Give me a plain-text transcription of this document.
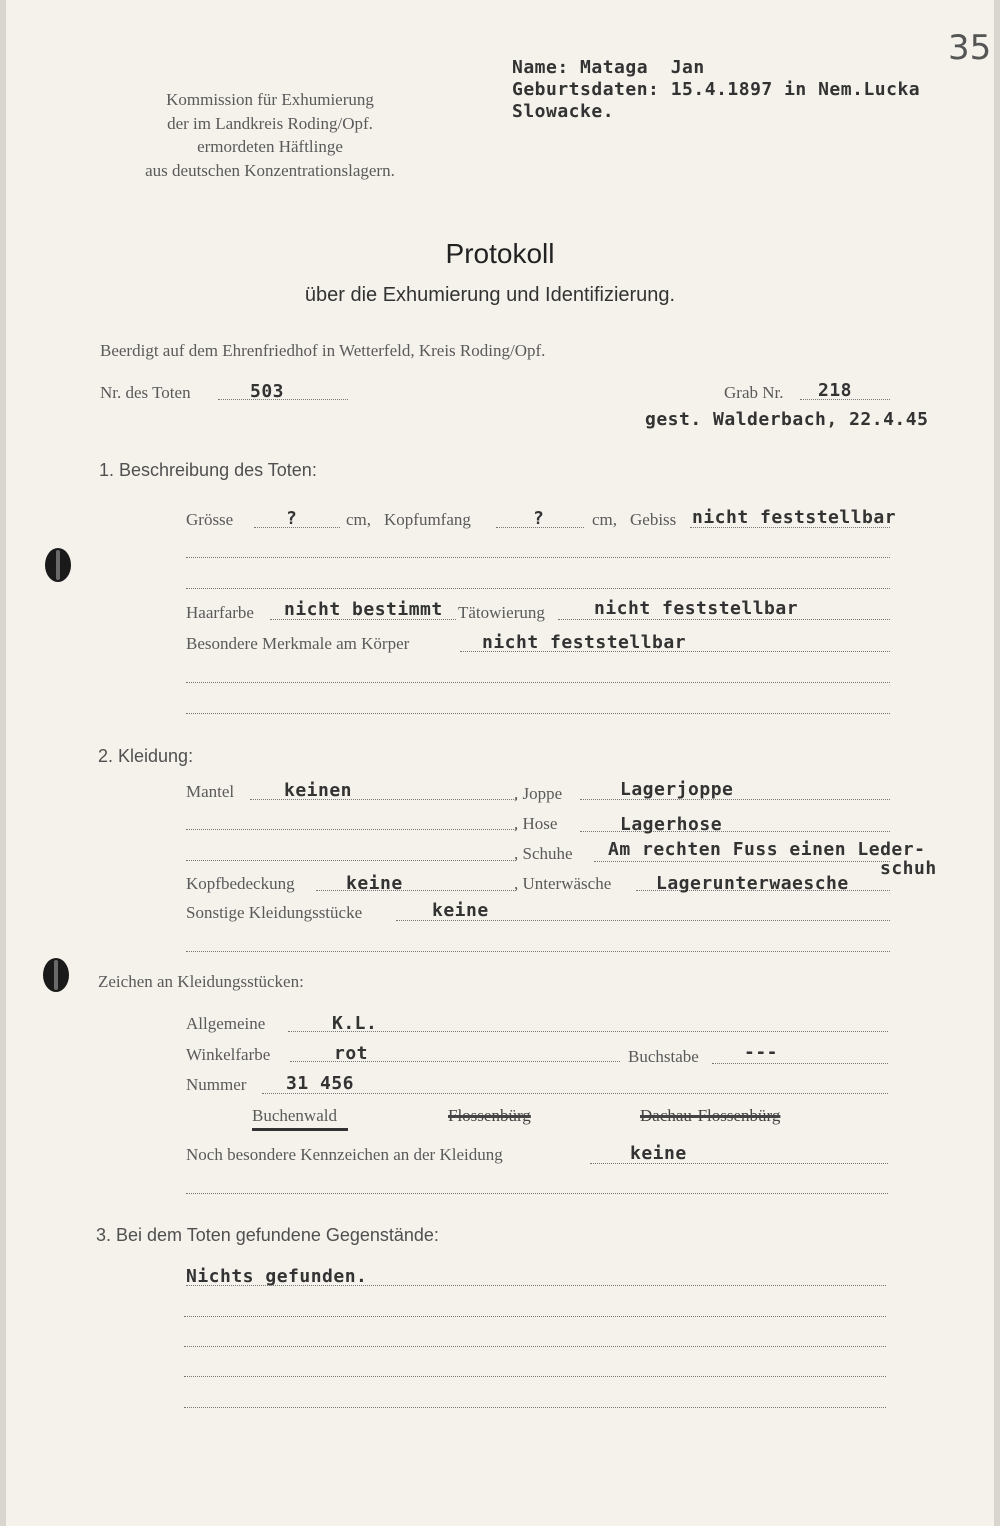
35
Kommission für Exhumierung
der im Landkreis Roding/Opf.
ermordeten Häftlinge
aus deutschen Konzentrationslagern.
Name: Mataga  Jan
Geburtsdaten: 15.4.1897 in Nem.Lucka
Slowacke.
Protokoll
über die Exhumierung und Identifizierung.
Beerdigt auf dem Ehrenfriedhof in Wetterfeld, Kreis Roding/Opf.
Nr. des Toten	503	Grab Nr. 218
gest. Walderbach, 22.4.45
1. Beschreibung des Toten:
Grösse	?	cm, Kopfumfang	?	cm, Gebiss nicht feststellbar
Haarfarbe nicht bestimmt Tätowierung	nicht feststellbar
Besondere Merkmale am Körper	nicht feststellbar
2. Kleidung:
Mantel	keinen	, Joppe	Lagerjoppe
, Hose	Lagerhose
, Schuhe Am rechten Fuss einen Leder-
schuh
Kopfbedeckung	keine	, Unterwäsche Lagerunterwaesche
Sonstige Kleidungsstücke	keine
Zeichen an Kleidungsstücken:
Allgemeine	K.L.
Winkelfarbe	rot	Buchstabe	---
Nummer 31 456
Buchenwald	Flossenbürg	Dachau-Flossenbürg
Noch besondere Kennzeichen an der Kleidung	keine
3. Bei dem Toten gefundene Gegenstände:
Nichts gefunden.
